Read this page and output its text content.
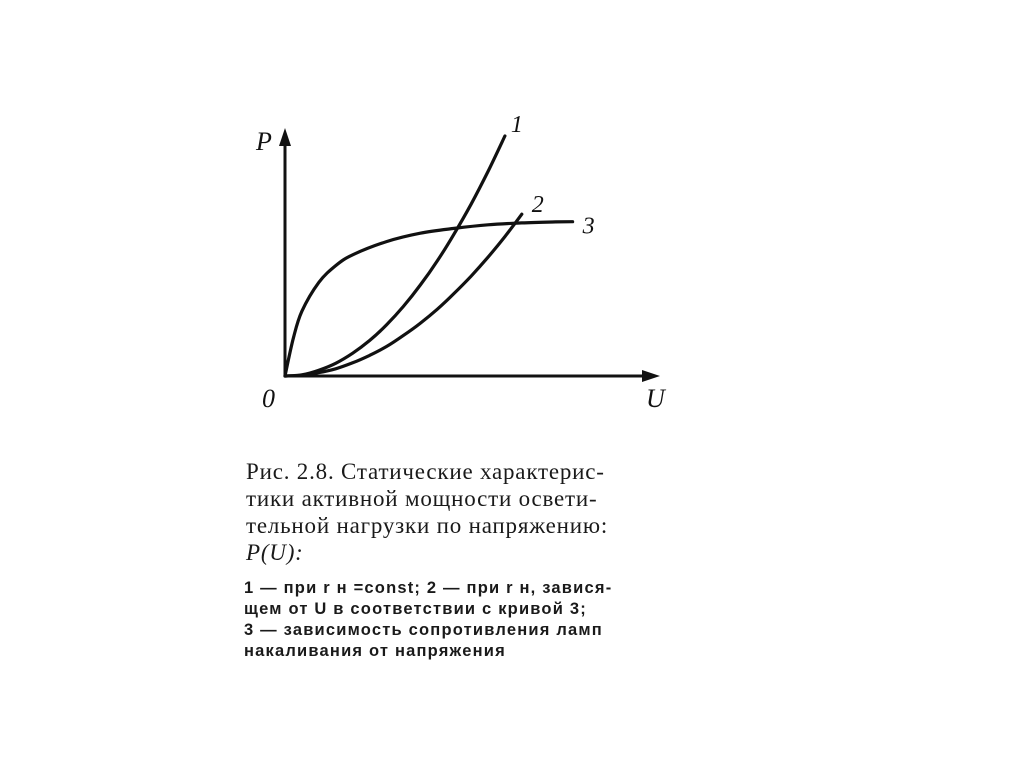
P
U
0
1
2
3
Рис. 2.8. Статические характерис-
тики активной мощности освети-
тельной нагрузки по напряжению:
P(U):
1 — при r н =const; 2 — при r н, завися-
щем от U в соответствии с кривой 3;
3 — зависимость сопротивления ламп
накаливания от напряжения
